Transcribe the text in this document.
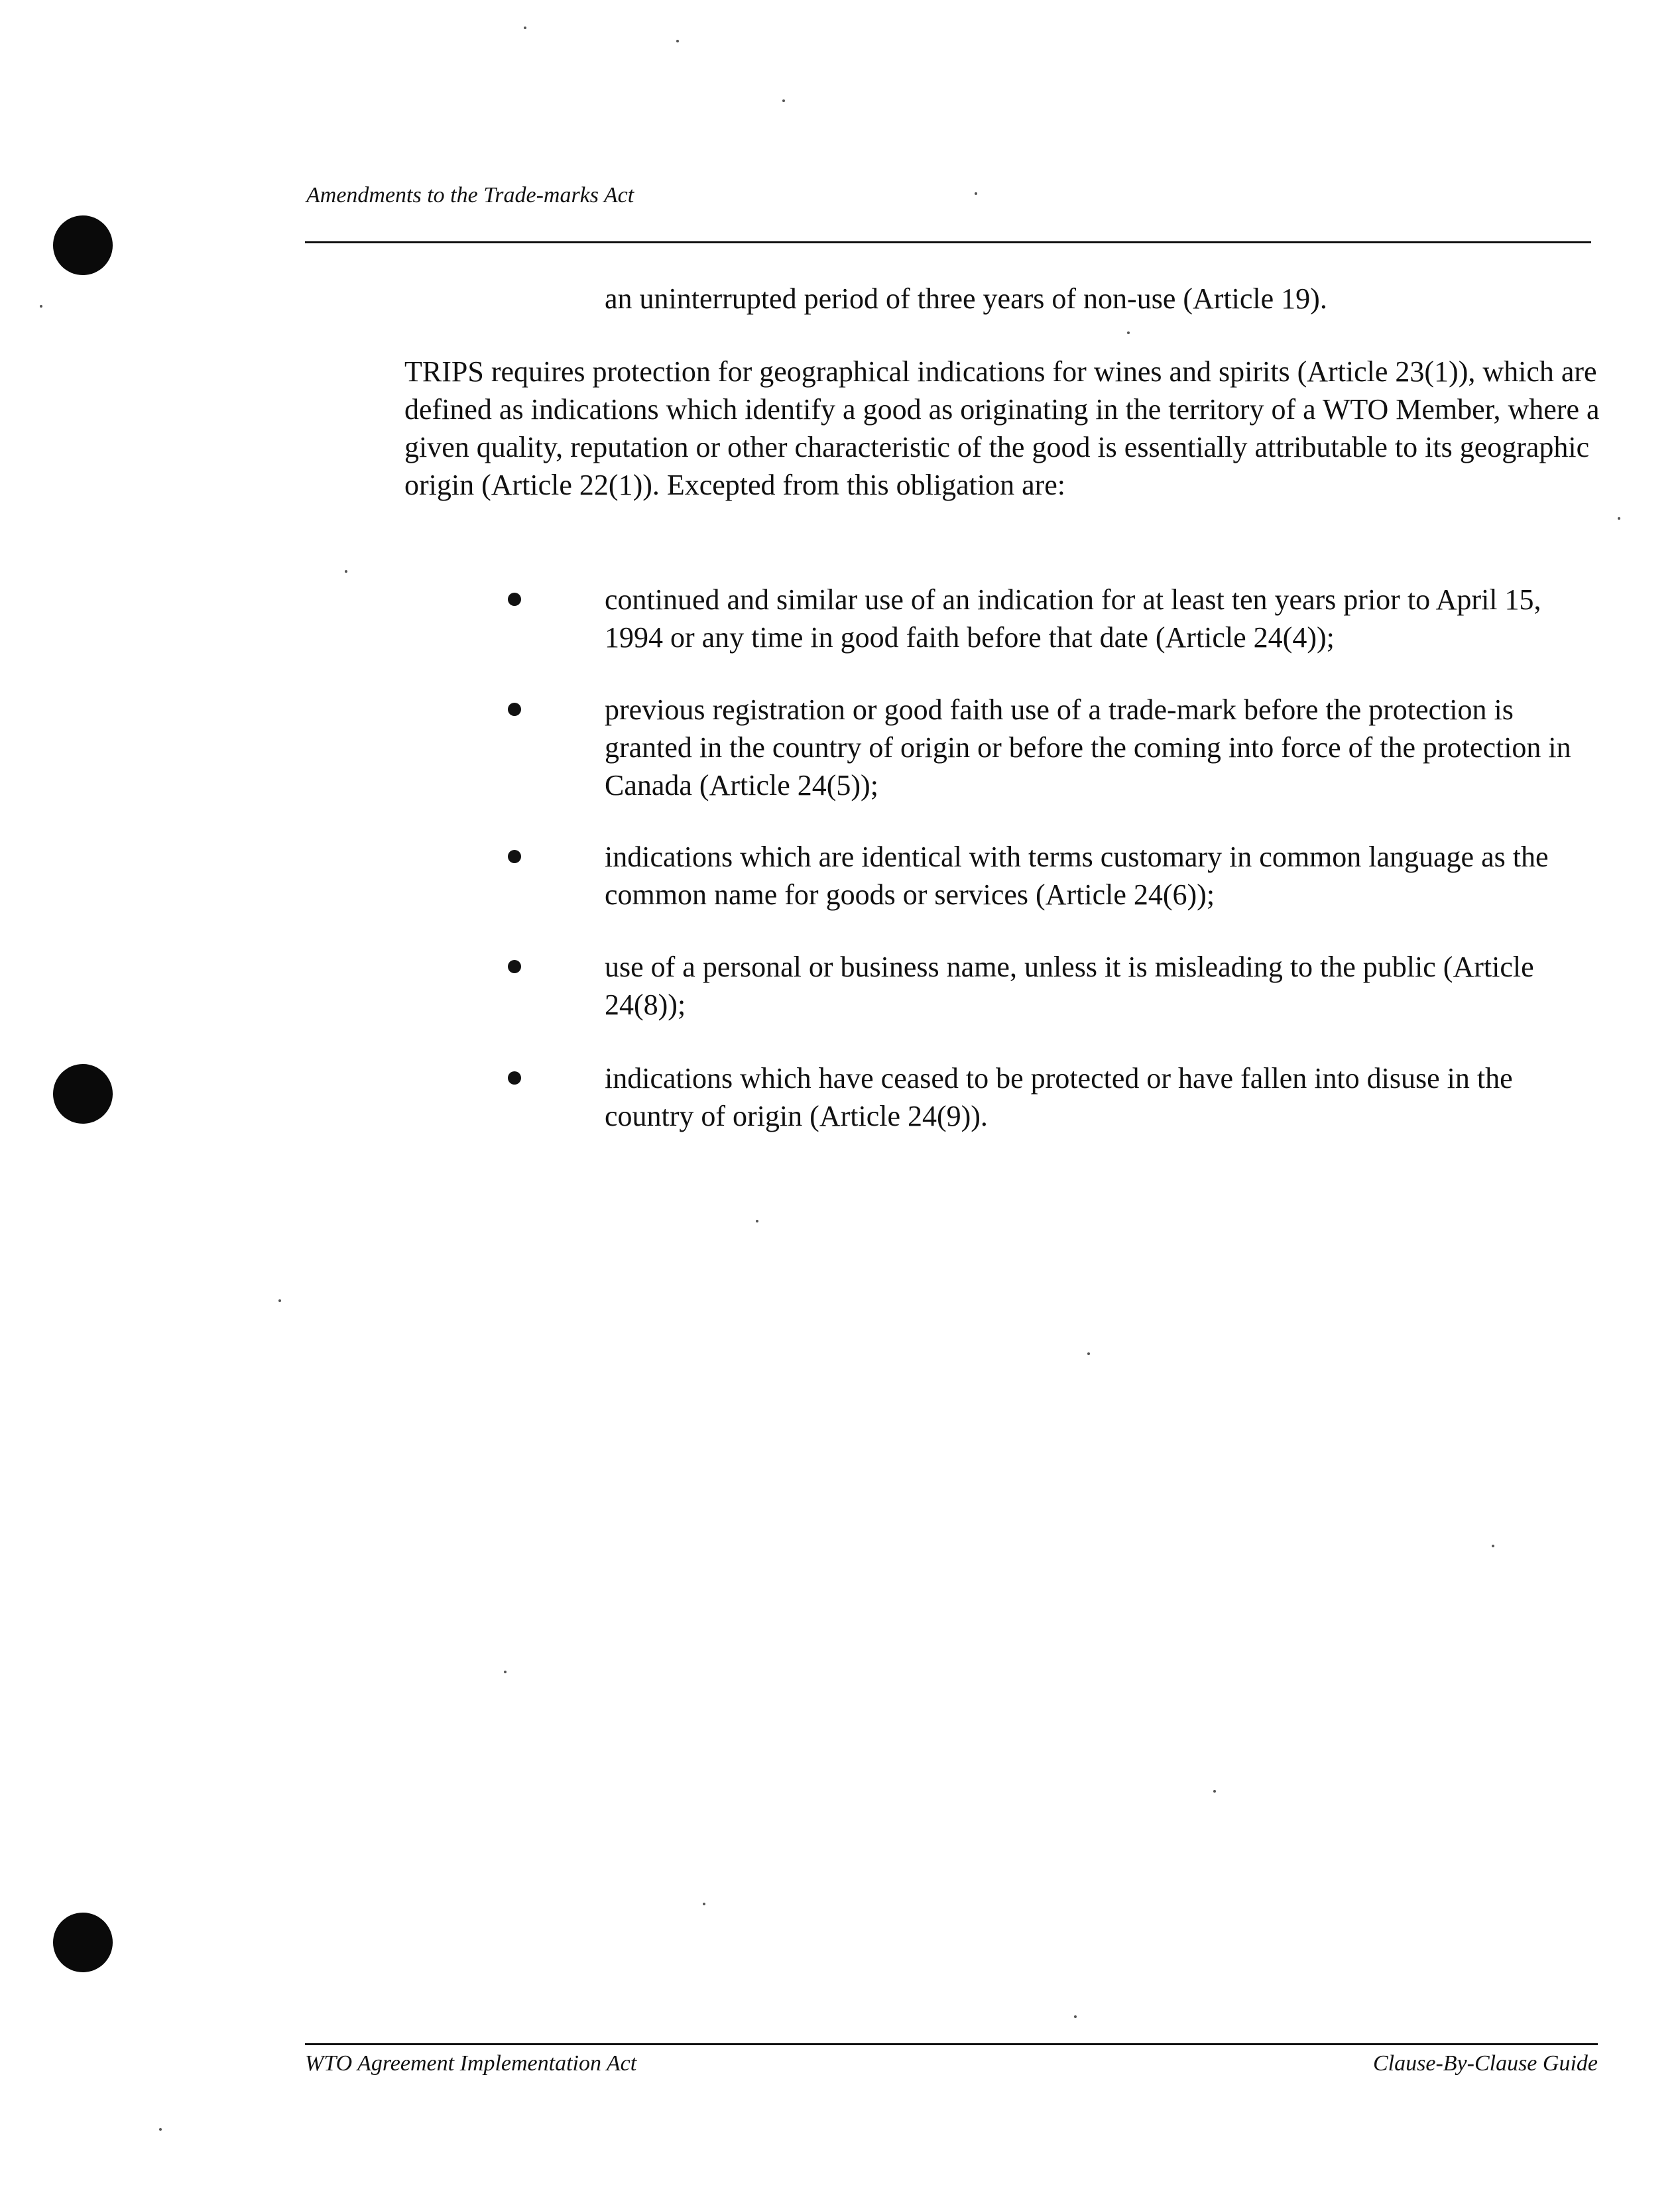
Amendments to the Trade-marks Act
an uninterrupted period of three years of non-use (Article 19).
TRIPS requires protection for geographical indications for wines and spirits (Article 23(1)), which are defined as indications which identify a good as originating in the territory of a WTO Member, where a given quality, reputation or other characteristic of the good is essentially attributable to its geographic origin (Article 22(1)). Excepted from this obligation are:
continued and similar use of an indication for at least ten years prior to April 15, 1994 or any time in good faith before that date (Article 24(4));
previous registration or good faith use of a trade-mark before the protection is granted in the country of origin or before the coming into force of the protection in Canada (Article 24(5));
indications which are identical with terms customary in common language as the common name for goods or services (Article 24(6));
use of a personal or business name, unless it is misleading to the public (Article 24(8));
indications which have ceased to be protected or have fallen into disuse in the country of origin (Article 24(9)).
WTO Agreement Implementation Act	Clause-By-Clause Guide
